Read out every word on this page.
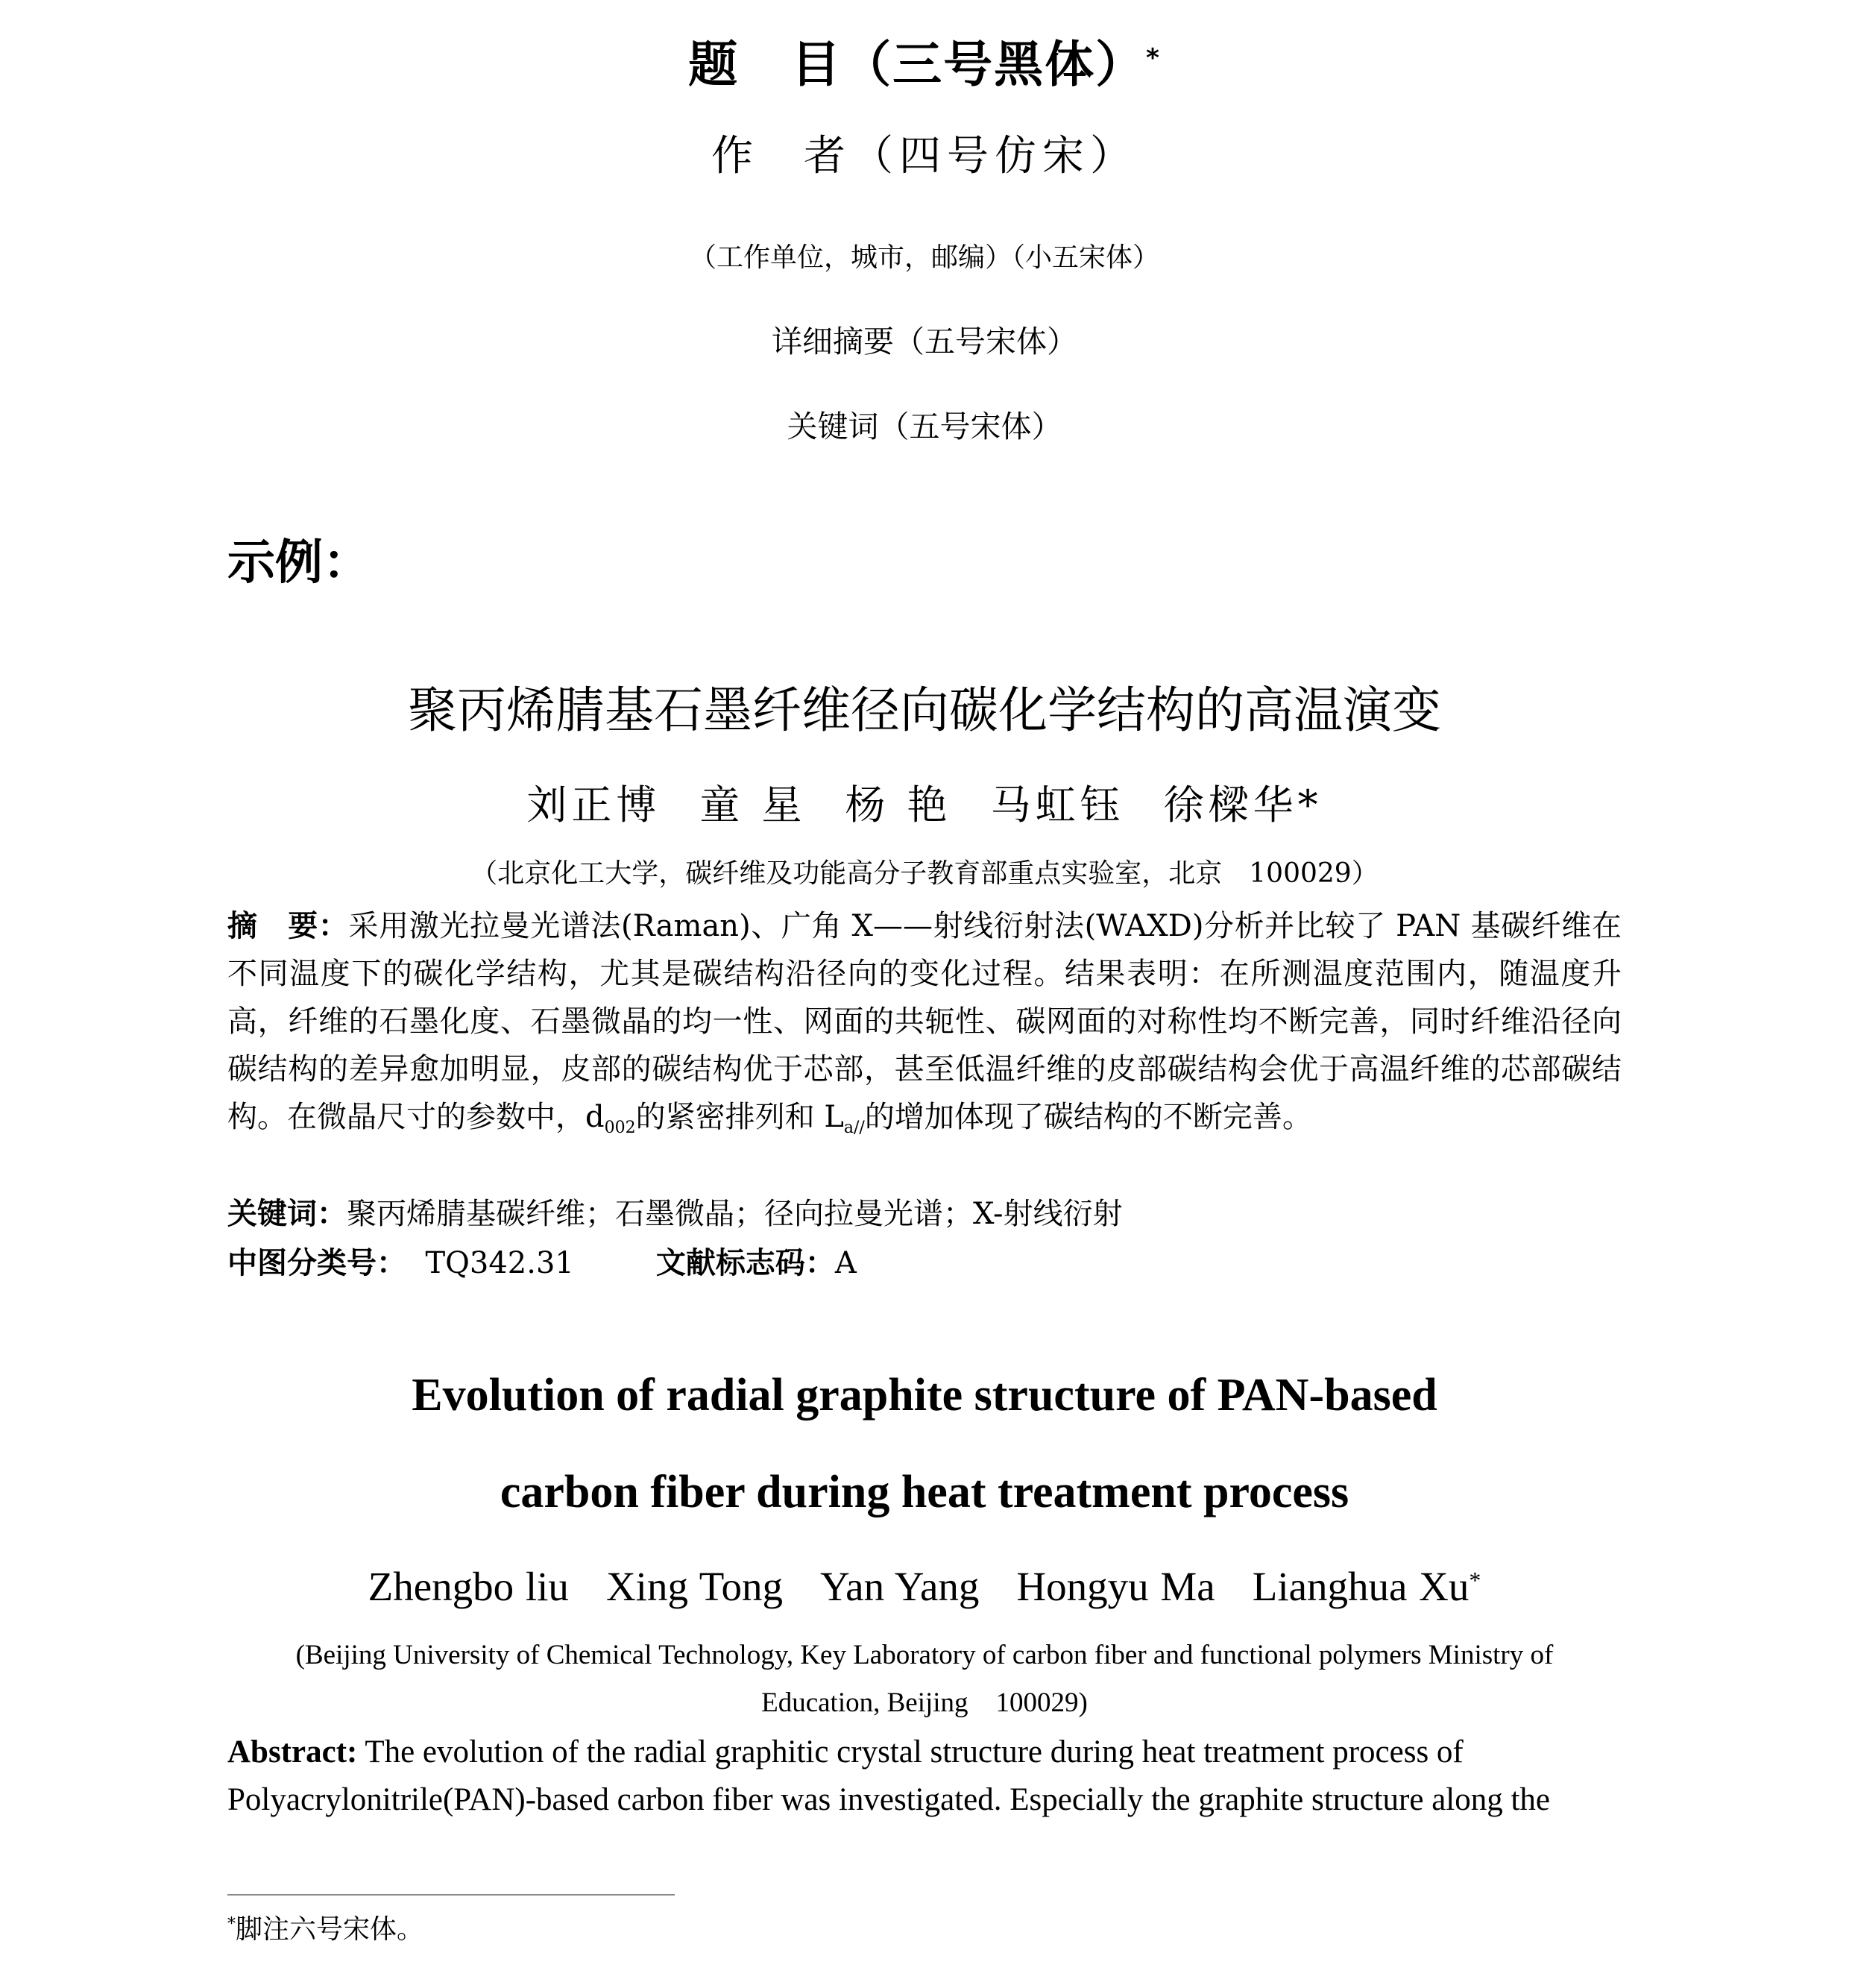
题 目（三号黑体）*
作 者（四号仿宋）
（工作单位，城市，邮编）（小五宋体）
详细摘要（五号宋体）
关键词（五号宋体）
示例：
聚丙烯腈基石墨纤维径向碳化学结构的高温演变
刘正博 童 星 杨 艳 马虹钰 徐樑华*
（北京化工大学，碳纤维及功能高分子教育部重点实验室，北京　100029）
摘　要：采用激光拉曼光谱法(Raman)、广角 X——射线衍射法(WAXD)分析并比较了 PAN 基碳纤维在不同温度下的碳化学结构，尤其是碳结构沿径向的变化过程。结果表明：在所测温度范围内，随温度升高，纤维的石墨化度、石墨微晶的均一性、网面的共轭性、碳网面的对称性均不断完善，同时纤维沿径向碳结构的差异愈加明显，皮部的碳结构优于芯部，甚至低温纤维的皮部碳结构会优于高温纤维的芯部碳结构。在微晶尺寸的参数中，$d_{002}$的紧密排列和 $L_{a//}$的增加体现了碳结构的不断完善。
关键词：聚丙烯腈基碳纤维；石墨微晶；径向拉曼光谱；X-射线衍射
中图分类号： TQ342.31	文献标志码：A
Evolution of radial graphite structure of PAN-based
carbon fiber during heat treatment process
Zhengbo liu Xing Tong Yan Yang Hongyu Ma Lianghua Xu*
(Beijing University of Chemical Technology, Key Laboratory of carbon fiber and functional polymers Ministry of
Education, Beijing　100029)
Abstract: The evolution of the radial graphitic crystal structure during heat treatment process of Polyacrylonitrile(PAN)-based carbon fiber was investigated. Especially the graphite structure along the
*脚注六号宋体。
